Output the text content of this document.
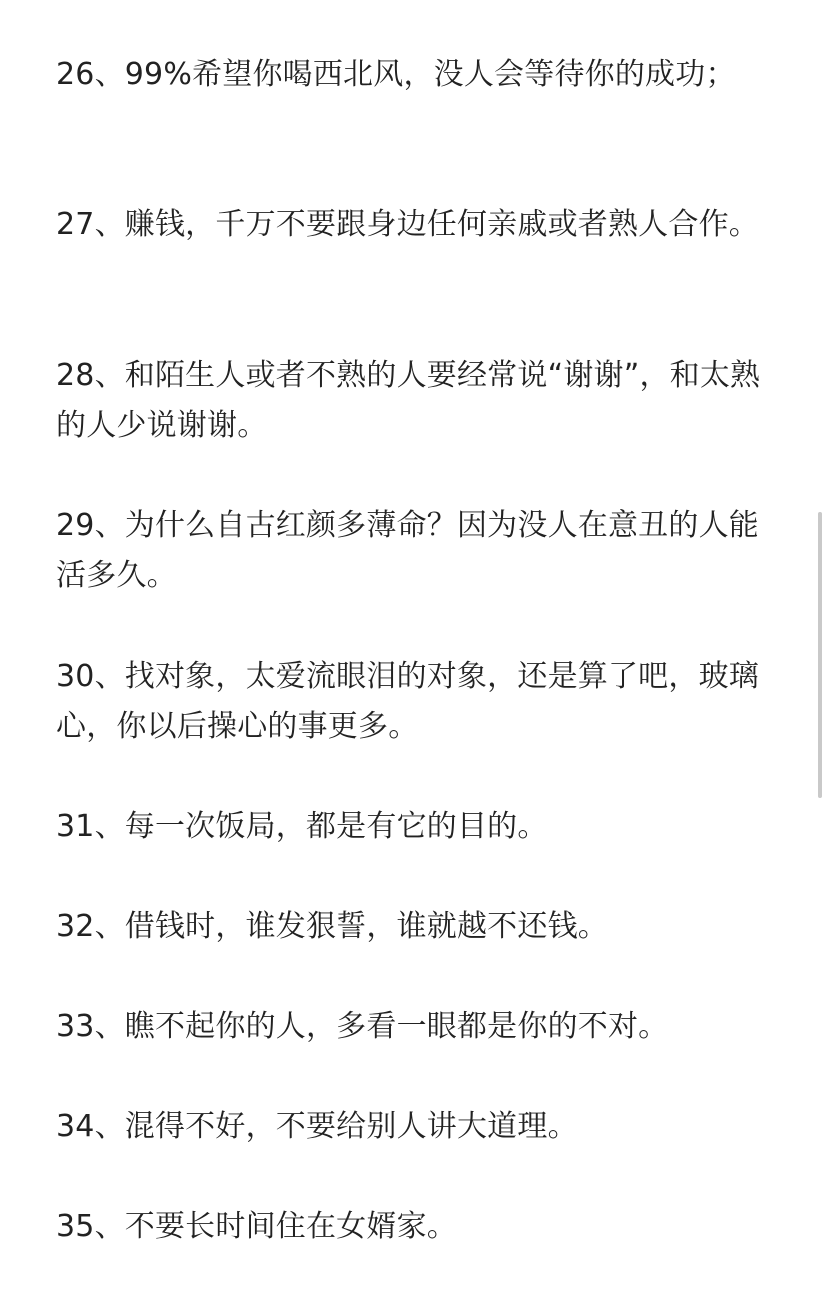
26、99%希望你喝西北风，没人会等待你的成功；
27、赚钱，千万不要跟身边任何亲戚或者熟人合作。
28、和陌生人或者不熟的人要经常说“谢谢”，和太熟的人少说谢谢。
29、为什么自古红颜多薄命？因为没人在意丑的人能活多久。
30、找对象，太爱流眼泪的对象，还是算了吧，玻璃心，你以后操心的事更多。
31、每一次饭局，都是有它的目的。
32、借钱时，谁发狠誓，谁就越不还钱。
33、瞧不起你的人，多看一眼都是你的不对。
34、混得不好，不要给别人讲大道理。
35、不要长时间住在女婿家。
